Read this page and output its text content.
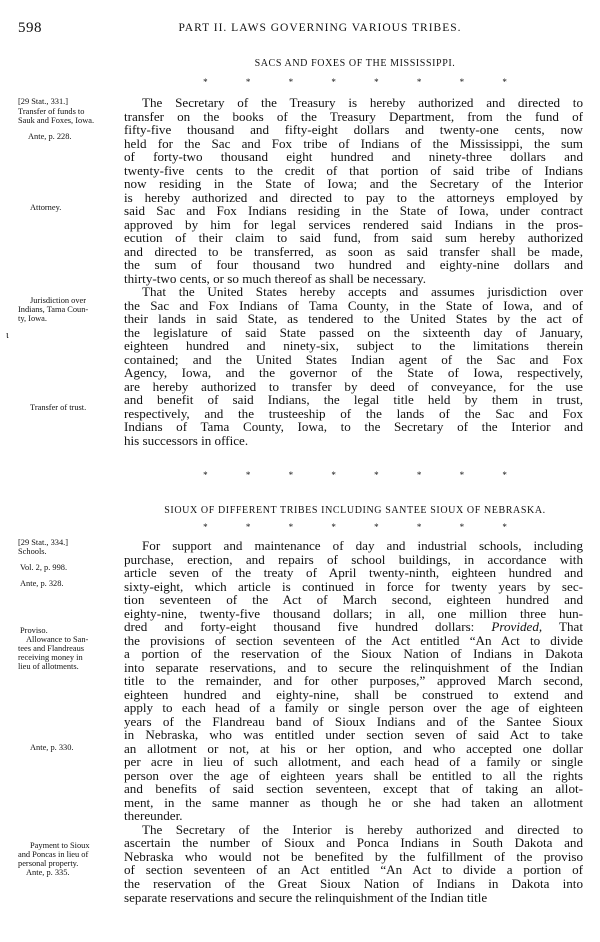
598	PART II. LAWS GOVERNING VARIOUS TRIBES.
SACS AND FOXES OF THE MISSISSIPPI.
* * * * * * * *
[29 Stat., 331.]
Transfer of funds to
Sauk and Foxes, Iowa.
Ante, p. 228.
Attorney.
Jurisdiction over
Indians, Tama Coun-
ty, Iowa.
Transfer of trust.
ι
The Secretary of the Treasury is hereby authorized and directed to
transfer on the books of the Treasury Department, from the fund of
fifty-five thousand and fifty-eight dollars and twenty-one cents, now
held for the Sac and Fox tribe of Indians of the Mississippi, the sum
of forty-two thousand eight hundred and ninety-three dollars and
twenty-five cents to the credit of that portion of said tribe of Indians
now residing in the State of Iowa; and the Secretary of the Interior
is hereby authorized and directed to pay to the attorneys employed by
said Sac and Fox Indians residing in the State of Iowa, under contract
approved by him for legal services rendered said Indians in the pros-
ecution of their claim to said fund, from said sum hereby authorized
and directed to be transferred, as soon as said transfer shall be made,
the sum of four thousand two hundred and eighty-nine dollars and
thirty-two cents, or so much thereof as shall be necessary.
That the United States hereby accepts and assumes jurisdiction over
the Sac and Fox Indians of Tama County, in the State of Iowa, and of
their lands in said State, as tendered to the United States by the act of
the legislature of said State passed on the sixteenth day of January,
eighteen hundred and ninety-six, subject to the limitations therein
contained; and the United States Indian agent of the Sac and Fox
Agency, Iowa, and the governor of the State of Iowa, respectively,
are hereby authorized to transfer by deed of conveyance, for the use
and benefit of said Indians, the legal title held by them in trust,
respectively, and the trusteeship of the lands of the Sac and Fox
Indians of Tama County, Iowa, to the Secretary of the Interior and
his successors in office.
* * * * * * * *
SIOUX OF DIFFERENT TRIBES INCLUDING SANTEE SIOUX OF NEBRASKA.
* * * * * * * *
[29 Stat., 334.]
Schools.
Vol. 2, p. 998.
Ante, p. 328.
Proviso.
Allowance to San-
tees and Flandreaus
receiving money in
lieu of allotments.
Ante, p. 330.
Payment to Sioux
and Poncas in lieu of
personal property.
Ante, p. 335.
For support and maintenance of day and industrial schools, including
purchase, erection, and repairs of school buildings, in accordance with
article seven of the treaty of April twenty-ninth, eighteen hundred and
sixty-eight, which article is continued in force for twenty years by sec-
tion seventeen of the Act of March second, eighteen hundred and
eighty-nine, twenty-five thousand dollars; in all, one million three hun-
dred and forty-eight thousand five hundred dollars: Provided, That
the provisions of section seventeen of the Act entitled “An Act to divide
a portion of the reservation of the Sioux Nation of Indians in Dakota
into separate reservations, and to secure the relinquishment of the Indian
title to the remainder, and for other purposes,” approved March second,
eighteen hundred and eighty-nine, shall be construed to extend and
apply to each head of a family or single person over the age of eighteen
years of the Flandreau band of Sioux Indians and of the Santee Sioux
in Nebraska, who was entitled under section seven of said Act to take
an allotment or not, at his or her option, and who accepted one dollar
per acre in lieu of such allotment, and each head of a family or single
person over the age of eighteen years shall be entitled to all the rights
and benefits of said section seventeen, except that of taking an allot-
ment, in the same manner as though he or she had taken an allotment
thereunder.
The Secretary of the Interior is hereby authorized and directed to
ascertain the number of Sioux and Ponca Indians in South Dakota and
Nebraska who would not be benefited by the fulfillment of the proviso
of section seventeen of an Act entitled “An Act to divide a portion of
the reservation of the Great Sioux Nation of Indians in Dakota into
separate reservations and secure the relinquishment of the Indian title
